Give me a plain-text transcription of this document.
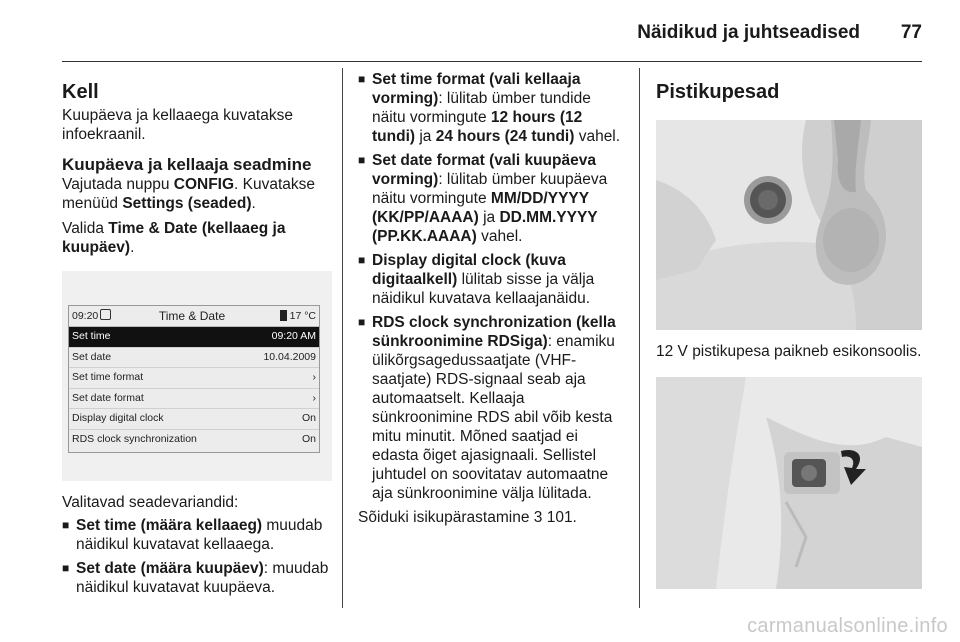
Näidikud ja juhtseadised	77
Kell

Kuupäeva ja kellaaega kuvatakse infoekraanil.

Kuupäeva ja kellaaja seadmine

Vajutada nuppu CONFIG. Kuvatakse menüüd Settings (seaded).

Valida Time & Date (kellaaeg ja kuupäev).

09:20	Time & Date	17 °C
Set time	09:20 AM
Set date	10.04.2009
Set time format	›
Set date format	›
Display digital clock	On
RDS clock synchronization	On

Valitavad seadevariandid:

■ Set time (määra kellaaeg) muudab näidikul kuvatavat kellaaega.
■ Set date (määra kuupäev): muudab näidikul kuvatavat kuupäeva.
■ Set time format (vali kellaaja vorming): lülitab ümber tundide näitu vormingute 12 hours (12 tundi) ja 24 hours (24 tundi) vahel.
■ Set date format (vali kuupäeva vorming): lülitab ümber kuupäeva näitu vormingute MM/DD/YYYY (KK/PP/AAAA) ja DD.MM.YYYY (PP.KK.AAAA) vahel.
■ Display digital clock (kuva digitaalkell) lülitab sisse ja välja näidikul kuvatava kellaajanäidu.
■ RDS clock synchronization (kella sünkroonimine RDSiga): enamiku ülikõrgsagedussaatjate (VHF-saatjate) RDS-signaal seab aja automaatselt. Kellaaja sünkroonimine RDS abil võib kesta mitu minutit. Mõned saatjad ei edasta õiget ajasignaali. Sellistel juhtudel on soovitatav automaatne aja sünkroonimine välja lülitada.

Sõiduki isikupärastamine 3 101.

Pistikupesad

12 V pistikupesa paikneb esikonsoolis.

carmanualsonline.info
